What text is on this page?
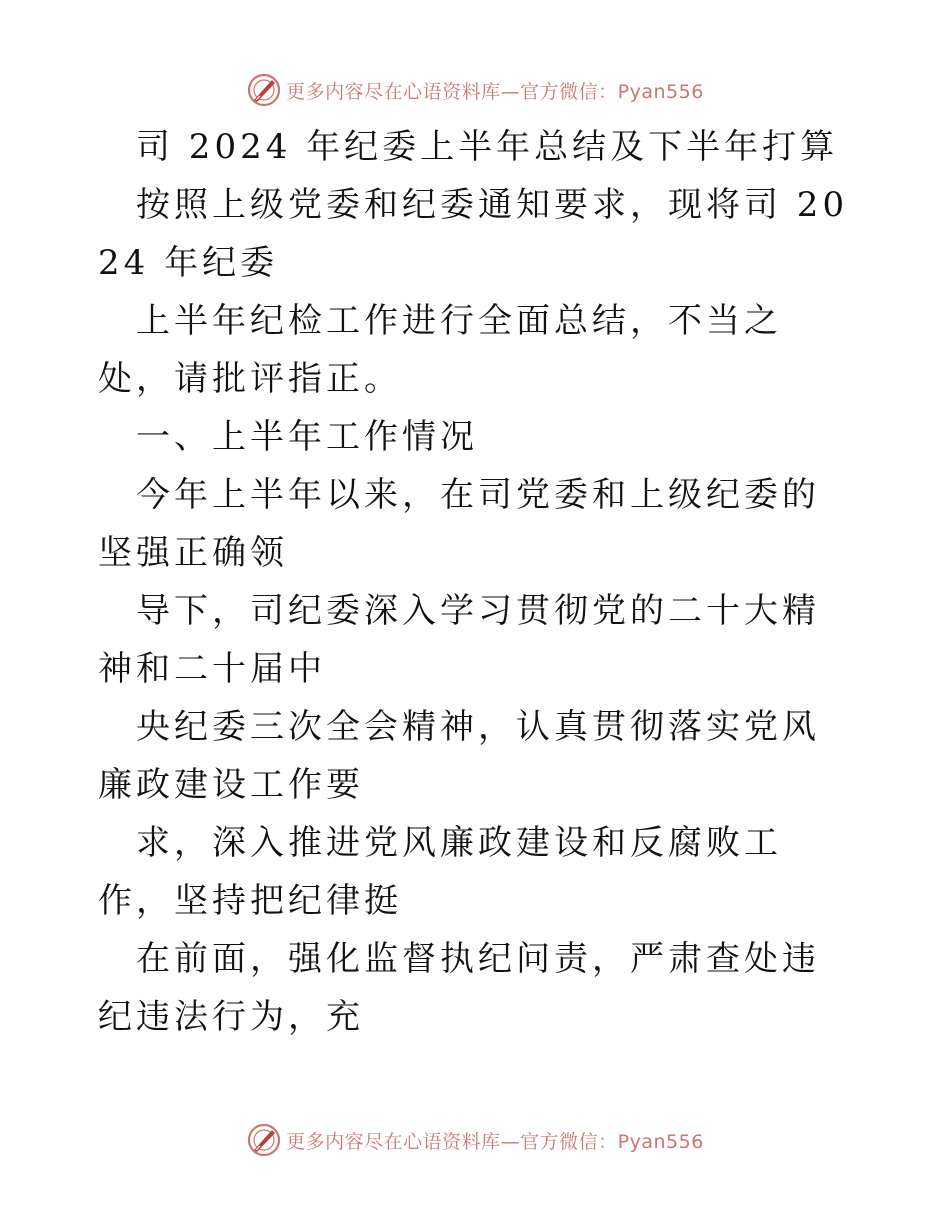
更多内容尽在心语资料库—官方微信：Pyan556

司 2024 年纪委上半年总结及下半年打算

按照上级党委和纪委通知要求，现将司 2024 年纪委

上半年纪检工作进行全面总结，不当之处，请批评指正。

一、上半年工作情况

今年上半年以来，在司党委和上级纪委的坚强正确领

导下，司纪委深入学习贯彻党的二十大精神和二十届中

央纪委三次全会精神，认真贯彻落实党风廉政建设工作要

求，深入推进党风廉政建设和反腐败工作，坚持把纪律挺

在前面，强化监督执纪问责，严肃查处违纪违法行为，充

更多内容尽在心语资料库—官方微信：Pyan556
